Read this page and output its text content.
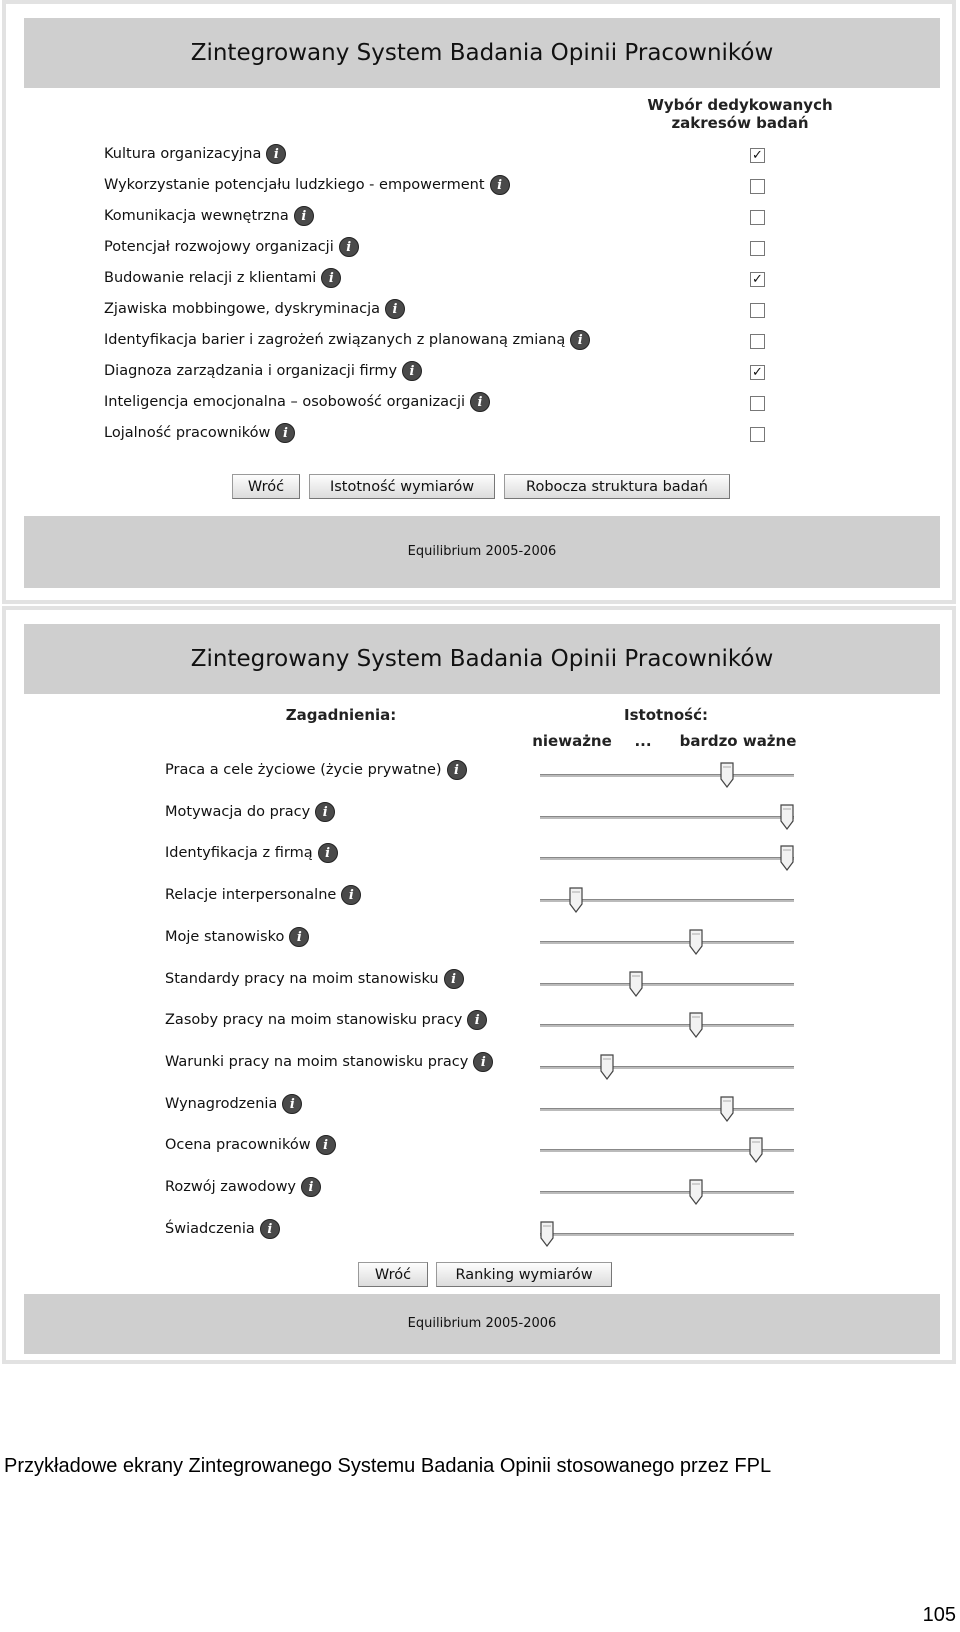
Zintegrowany System Badania Opinii Pracowników
Wybór dedykowanych
zakresów badań
Kultura organizacyjna i	✓
Wykorzystanie potencjału ludzkiego - empowerment i
Komunikacja wewnętrzna i
Potencjał rozwojowy organizacji i
Budowanie relacji z klientami i	✓
Zjawiska mobbingowe, dyskryminacja i
Identyfikacja barier i zagrożeń związanych z planowaną zmianą i
Diagnoza zarządzania i organizacji firmy i	✓
Inteligencja emocjonalna – osobowość organizacji i
Lojalność pracowników i
Wróć	Istotność wymiarów	Robocza struktura badań
Equilibrium 2005-2006
Zintegrowany System Badania Opinii Pracowników
Zagadnienia:	Istotność:
nieważne	...	bardzo ważne
Praca a cele życiowe (życie prywatne) i
Motywacja do pracy i
Identyfikacja z firmą i
Relacje interpersonalne i
Moje stanowisko i
Standardy pracy na moim stanowisku i
Zasoby pracy na moim stanowisku pracy i
Warunki pracy na moim stanowisku pracy i
Wynagrodzenia i
Ocena pracowników i
Rozwój zawodowy i
Świadczenia i
Wróć	Ranking wymiarów
Equilibrium 2005-2006
Przykładowe ekrany Zintegrowanego Systemu Badania Opinii stosowanego przez FPL
105
